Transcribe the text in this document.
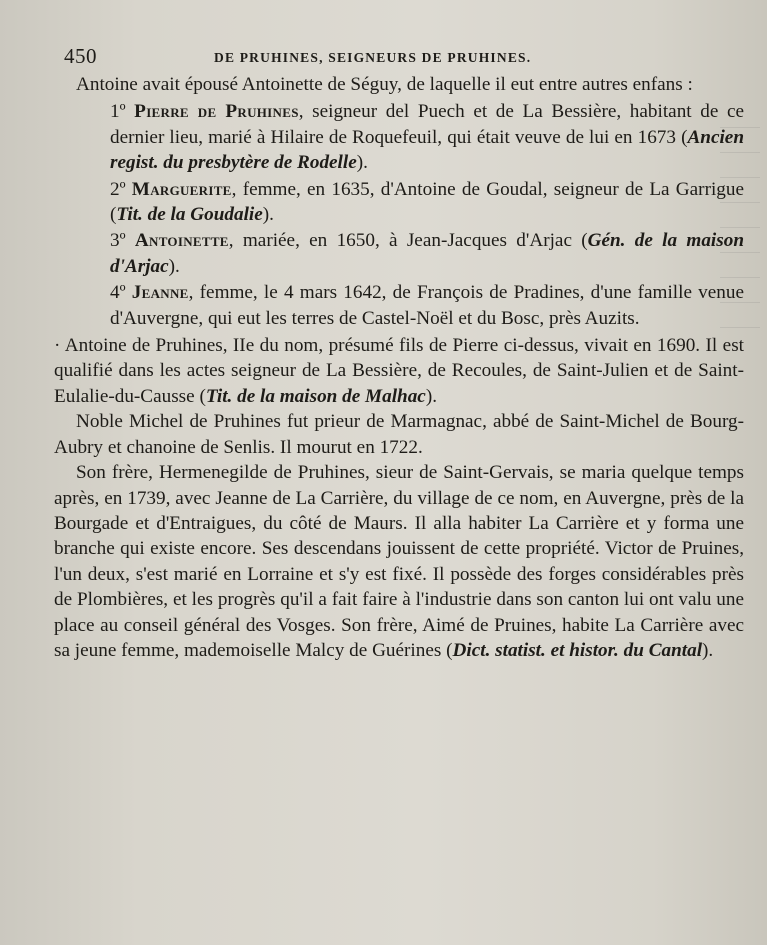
450	DE PRUHINES, SEIGNEURS DE PRUHINES.

Antoine avait épousé Antoinette de Séguy, de laquelle il eut entre autres enfans :

1º Pierre de Pruhines, seigneur del Puech et de La Bessière, habitant de ce dernier lieu, marié à Hilaire de Roquefeuil, qui était veuve de lui en 1673 (Ancien regist. du presbytère de Rodelle).

2º Marguerite, femme, en 1635, d'Antoine de Goudal, seigneur de La Garrigue (Tit. de la Goudalie).

3º Antoinette, mariée, en 1650, à Jean-Jacques d'Arjac (Gén. de la maison d'Arjac).

4º Jeanne, femme, le 4 mars 1642, de François de Pradines, d'une famille venue d'Auvergne, qui eut les terres de Castel-Noël et du Bosc, près Auzits.

· Antoine de Pruhines, IIe du nom, présumé fils de Pierre ci-dessus, vivait en 1690. Il est qualifié dans les actes seigneur de La Bessière, de Recoules, de Saint-Julien et de Saint-Eulalie-du-Causse (Tit. de la maison de Malhac).

Noble Michel de Pruhines fut prieur de Marmagnac, abbé de Saint-Michel de Bourg-Aubry et chanoine de Senlis. Il mourut en 1722.

Son frère, Hermenegilde de Pruhines, sieur de Saint-Gervais, se maria quelque temps après, en 1739, avec Jeanne de La Carrière, du village de ce nom, en Auvergne, près de la Bourgade et d'Entraigues, du côté de Maurs. Il alla habiter La Carrière et y forma une branche qui existe encore. Ses descendans jouissent de cette propriété. Victor de Pruines, l'un deux, s'est marié en Lorraine et s'y est fixé. Il possède des forges considérables près de Plombières, et les progrès qu'il a fait faire à l'industrie dans son canton lui ont valu une place au conseil général des Vosges. Son frère, Aimé de Pruines, habite La Carrière avec sa jeune femme, mademoiselle Malcy de Guérines (Dict. statist. et histor. du Cantal).
